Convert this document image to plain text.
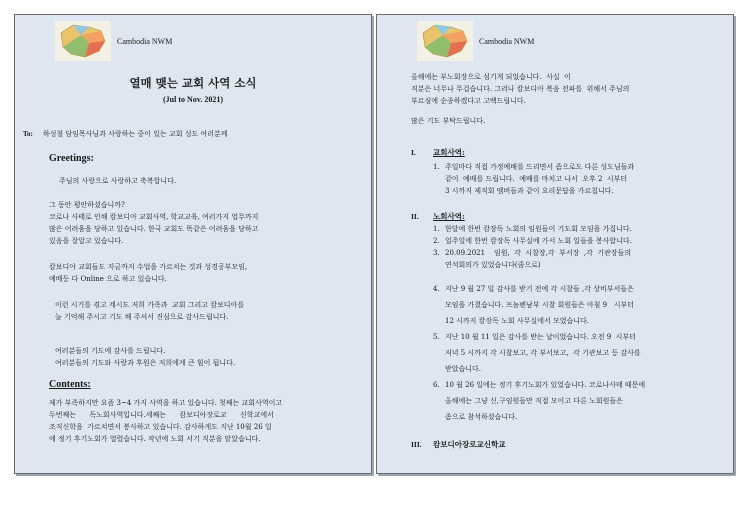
Cambodia NWM
열매 맺는 교회 사역 소식
(Jul to Nov. 2021)
To: 하성철 담임목사님과 사랑하는 중이 있는 교회 성도 여러분께
Greetings:
주님의 사랑으로 사랑하고 축복합니다.
그 동안 평안하셨습니까?
코로나 사태로 인해 캄보디아 교회사역, 학교교육, 여러가지 업무까지
많은 어려움을 당하고 있습니다. 한국 교회도 똑같은 어려움을 당하고
있음을 잘알고 있습니다.
캄보디아 교회들도 지금까지 수업을 가르치는 것과 성경공부모임,
예배등 다 Online 으로 하고 있습니다.
이런 시기를 겪고 계시도 저희 가족과  교회 그리고 캄보디아를
늘 기억해 주시고 기도 해 주셔서 진심으로 감사드립니다.
여러분들의 기도에 감사를 드립니다.
여러분들의 기도와 사랑과 후원은 저희에게 큰 힘이 됩니다.
Contents:
제가 부족하지만 요즘 3~4 가지 사역을 하고 있습니다. 첫째는 교회사역이고
두번째는      독노회사역입니다.세째는      캄보디아장로교      신학교에서
조직신학을  가르치면서 봉사하고 있습니다. 감사하게도 지난 10월 26 일
에 정기 후기노회가 열렸습니다. 작년에 노회 서기 직분을 맡았습니다.
Cambodia NWM
올해에는 부노회장으로 섬기게 되었습니다.  사실  이
직분은 너무나 무겁습니다. 그러나 캄보디아 복음 전파를  위해서 주님의
부르심에 순종하겠다고 고백드립니다.
많은 기도 부탁드립니다.
I. 교회사역:
1. 주일마다 직접 가정예배를 드리면서 좀으로도 다른 성도님들과
같이  예배를 드립니다.  예배를 마치고 나서  오후 2  시부터
3 시까지 제직회 멤버들과 같이 요리문답을 가르칩니다.
II. 노회사역:
1. 한달에 한번 캄장독 노회의 임원들이 기도회 모임을 가집니다.
2. 일주일에 한번 캄장독 사무실에 가서 노회 일들을 봉사합니다.
3. 20.09.2021    임원,  각  시찰장,각  부서장  ,각  기관장들의
연석회의가 있었습니다(줌으로)
4. 지난 9 월 27 일 감사를 받기 전에 각 시찰들 ,각 상비부서들은
모임을 가졌습니다. 프놈펜남부 시찰 회원들은 아침 9   시부터
12 시까지 캄장독 노회 사무실에서 모였습니다.
5. 지난 10 월 11 일은 감사를 받는 날이었습니다. 오전 9  시부터
저녁 5 시까지 각 시찰보고, 각 부서보고,  각 기관보고 등 감사를
받았습니다.
6. 10 월 26 일에는 정기 후기노회가 있었습니다. 코로나사태 때문에
올해에는 그냥 신,구임원들만 직접 모이고 다른 노회원들은
좀으로 참석하셨습니다.
III. 캄보디아장로교신학교
